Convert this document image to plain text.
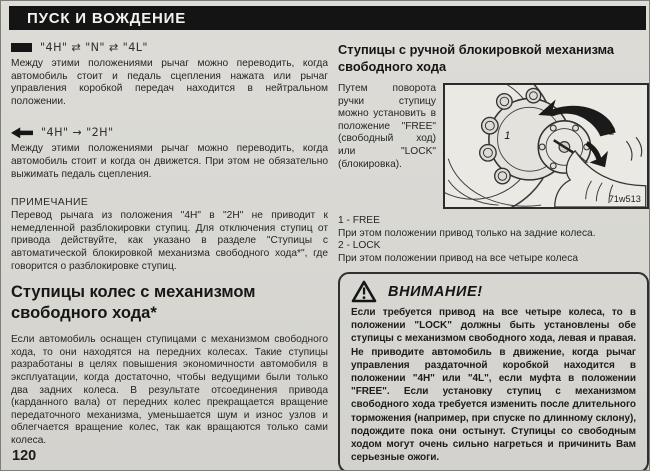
ПУСК И ВОЖДЕНИЕ
"4H" ⇄ "N" ⇄ "4L"

Между этими положениями рычаг можно переводить, когда автомобиль стоит и педаль сцепления нажата или рычаг управления коробкой передач находится в нейтральном положении.

"4H" → "2H"

Между этими положениями рычаг можно переводить, когда автомобиль стоит и когда он движется. При этом не обязательно выжимать педаль сцепления.

ПРИМЕЧАНИЕ

Перевод рычага из положения "4H" в "2H" не приводит к немедленной разблокировки ступиц. Для отключения ступиц от привода действуйте, как указано в разделе "Ступицы с автоматической блокировкой механизма свободного хода*", где говорится о разблокировке ступиц.

Ступицы колес с механизмом свободного хода*

Если автомобиль оснащен ступицами с механизмом свободного хода, то они находятся на передних колесах. Такие ступицы разработаны в целях повышения экономичности автомобиля в эксплуатации, когда достаточно, чтобы ведущими были только два задних колеса. В результате отсоединения привода (карданного вала) от передних колес прекращается вращение передаточного механизма, уменьшается шум и износ узлов и облегчается вращение колес, так как вращаются только сами колеса.

Ступицы с ручной блокировкой механизма свободного хода

Путем поворота ручки ступицу можно установить в положение "FREE" (свободный ход) или "LOCK" (блокировка).

1	2
71w513
1 - FREE
При этом положении привод только на задние колеса.
2 - LOCK
При этом положении привод на все четыре колеса
ВНИМАНИЕ!

Если требуется привод на все четыре колеса, то в положении "LOCK" должны быть установлены обе ступицы с механизмом свободного хода, левая и правая. Не приводите автомобиль в движение, когда рычаг управления раздаточной коробкой находится в положении "4H" или "4L", если муфта в положении "FREE". Если установку ступиц с механизмом свободного хода требуется изменить после длительного торможения (например, при спуске по длинному склону), подождите пока они остынут. Ступицы со свободным ходом могут очень сильно нагреться и причинить Вам серьезные ожоги.

120
